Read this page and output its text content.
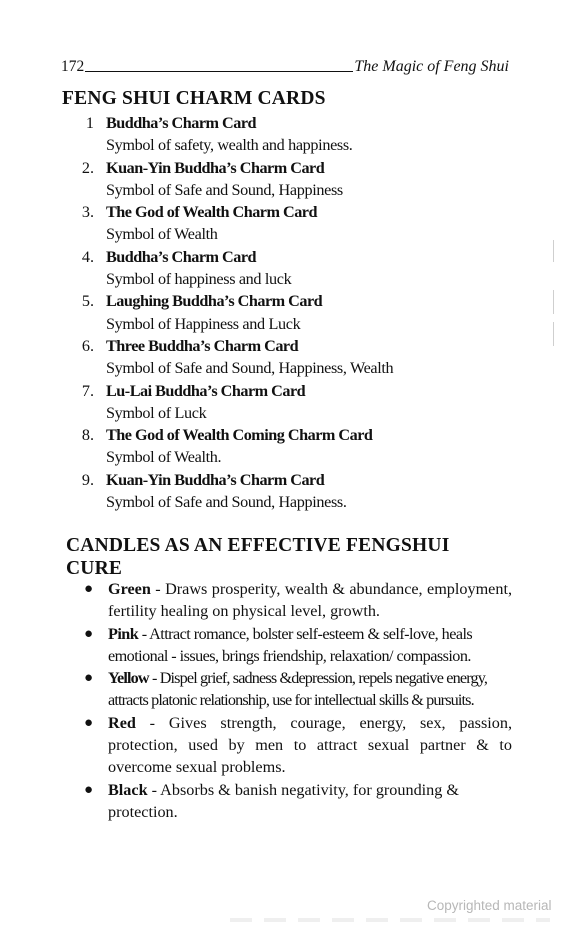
172	The Magic of Feng Shui
FENG SHUI CHARM CARDS
1 Buddha’s Charm Card
Symbol of safety, wealth and happiness.
2. Kuan-Yin Buddha’s Charm Card
Symbol of Safe and Sound, Happiness
3. The God of Wealth Charm Card
Symbol of Wealth
4. Buddha’s Charm Card
Symbol of happiness and luck
5. Laughing Buddha’s Charm Card
Symbol of Happiness and Luck
6. Three Buddha’s Charm Card
Symbol of Safe and Sound, Happiness, Wealth
7. Lu-Lai Buddha’s Charm Card
Symbol of Luck
8. The God of Wealth Coming Charm Card
Symbol of Wealth.
9. Kuan-Yin Buddha’s Charm Card
Symbol of Safe and Sound, Happiness.
CANDLES AS AN EFFECTIVE FENGSHUI CURE
● Green - Draws prosperity, wealth & abundance, employment, fertility healing on physical level, growth.
● Pink - Attract romance, bolster self-esteem & self-love, heals emotional - issues, brings friendship, relaxation/ compassion.
● Yellow - Dispel grief, sadness &depression, repels negative energy, attracts platonic relationship, use for intellectual skills & pursuits.
● Red - Gives strength, courage, energy, sex, passion, protection, used by men to attract sexual partner & to overcome sexual problems.
● Black - Absorbs & banish negativity, for grounding & protection.
Copyrighted material
